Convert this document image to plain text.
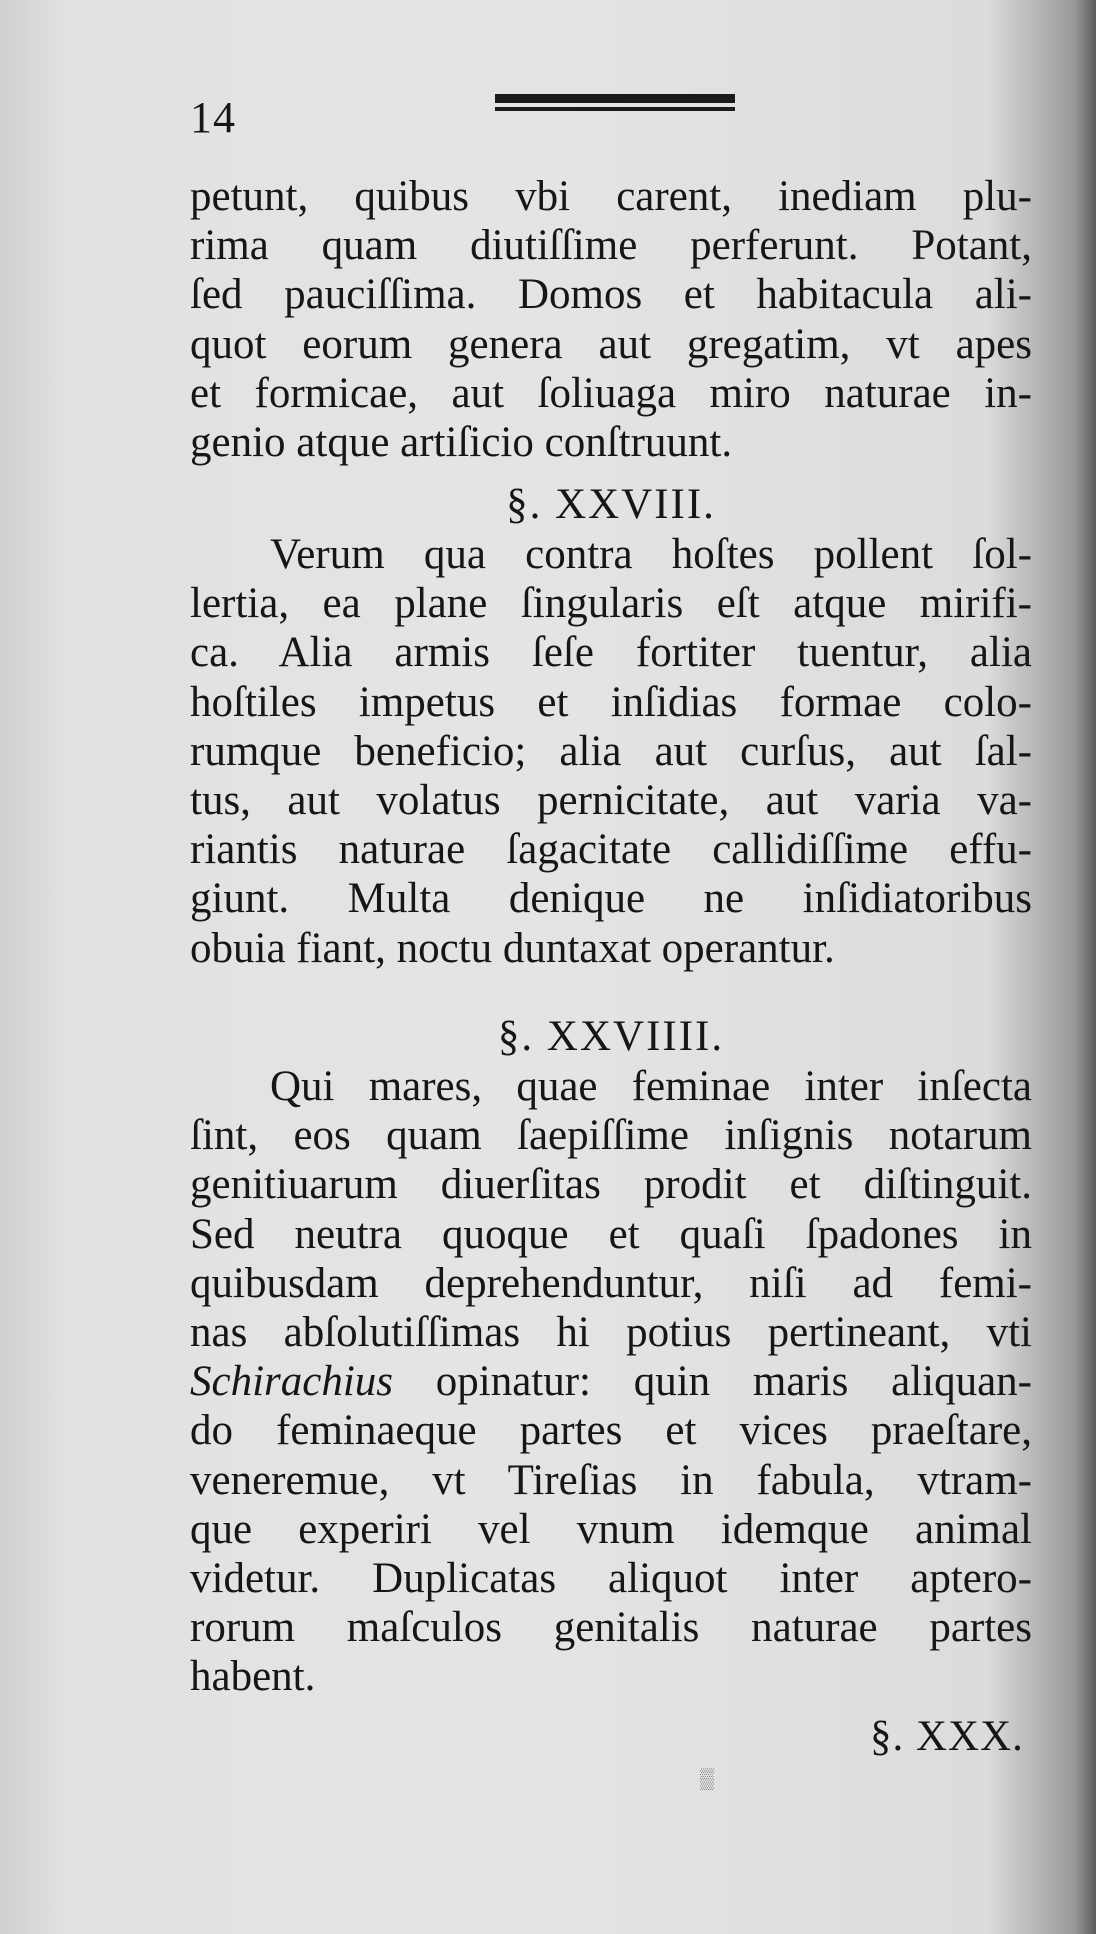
14
petunt, quibus vbi carent, inediam plu-
rima quam diutiſſime perferunt. Potant,
ſed pauciſſima. Domos et habitacula ali-
quot eorum genera aut gregatim, vt apes
et formicae, aut ſoliuaga miro naturae in-
genio atque artiſicio conſtruunt.
§. XXVIII.
Verum qua contra hoſtes pollent ſol-
lertia, ea plane ſingularis eſt atque mirifi-
ca. Alia armis ſeſe fortiter tuentur, alia
hoſtiles impetus et inſidias formae colo-
rumque beneficio; alia aut curſus, aut ſal-
tus, aut volatus pernicitate, aut varia va-
riantis naturae ſagacitate callidiſſime effu-
giunt. Multa denique ne inſidiatoribus
obuia fiant, noctu duntaxat operantur.
§. XXVIIII.
Qui mares, quae feminae inter inſecta
ſint, eos quam ſaepiſſime inſignis notarum
genitiuarum diuerſitas prodit et diſtinguit.
Sed neutra quoque et quaſi ſpadones in
quibusdam deprehenduntur, niſi ad femi-
nas abſolutiſſimas hi potius pertineant, vti
Schirachius opinatur: quin maris aliquan-
do feminaeque partes et vices praeſtare,
veneremue, vt Tireſias in fabula, vtram-
que experiri vel vnum idemque animal
videtur. Duplicatas aliquot inter aptero-
rorum maſculos genitalis naturae partes
habent.
§. XXX.
▒
